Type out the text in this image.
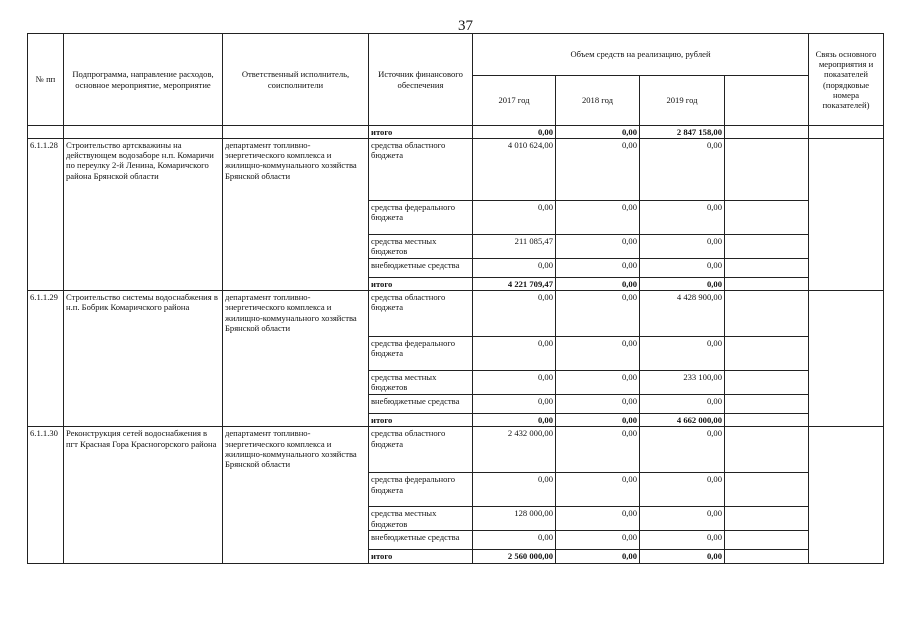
37
№ пп	Подпрограмма, направление расходов, основное мероприятие, мероприятие	Ответственный исполнитель, соисполнители	Источник финансового обеспечения	Объем средств на реализацию, рублей				Связь основного мероприятия и показателей (порядковые номера показателей)
				2017 год	2018 год	2019 год		
			итого	0,00	0,00	2 847 158,00		
6.1.1.28	Строительство артскважины на действующем водозаборе н.п. Комаричи по переулку 2-й Ленина, Комаричского района Брянской области	департамент топливно-энергетического комплекса и жилищно-коммунального хозяйства Брянской области	средства областного бюджета	4 010 624,00	0,00	0,00		
			средства федерального бюджета	0,00	0,00	0,00		
			средства местных бюджетов	211 085,47	0,00	0,00		
			внебюджетные средства	0,00	0,00	0,00		
			итого	4 221 709,47	0,00	0,00		
6.1.1.29	Строительство системы водоснабжения в н.п. Бобрик Комаричского района	департамент топливно-энергетического комплекса и жилищно-коммунального хозяйства Брянской области	средства областного бюджета	0,00	0,00	4 428 900,00		
			средства федерального бюджета	0,00	0,00	0,00		
			средства местных бюджетов	0,00	0,00	233 100,00		
			внебюджетные средства	0,00	0,00	0,00		
			итого	0,00	0,00	4 662 000,00		
6.1.1.30	Реконструкция сетей водоснабжения в пгт Красная Гора Красногорского района	департамент топливно-энергетического комплекса и жилищно-коммунального хозяйства Брянской области	средства областного бюджета	2 432 000,00	0,00	0,00		
			средства федерального бюджета	0,00	0,00	0,00		
			средства местных бюджетов	128 000,00	0,00	0,00		
			внебюджетные средства	0,00	0,00	0,00		
			итого	2 560 000,00	0,00	0,00		
